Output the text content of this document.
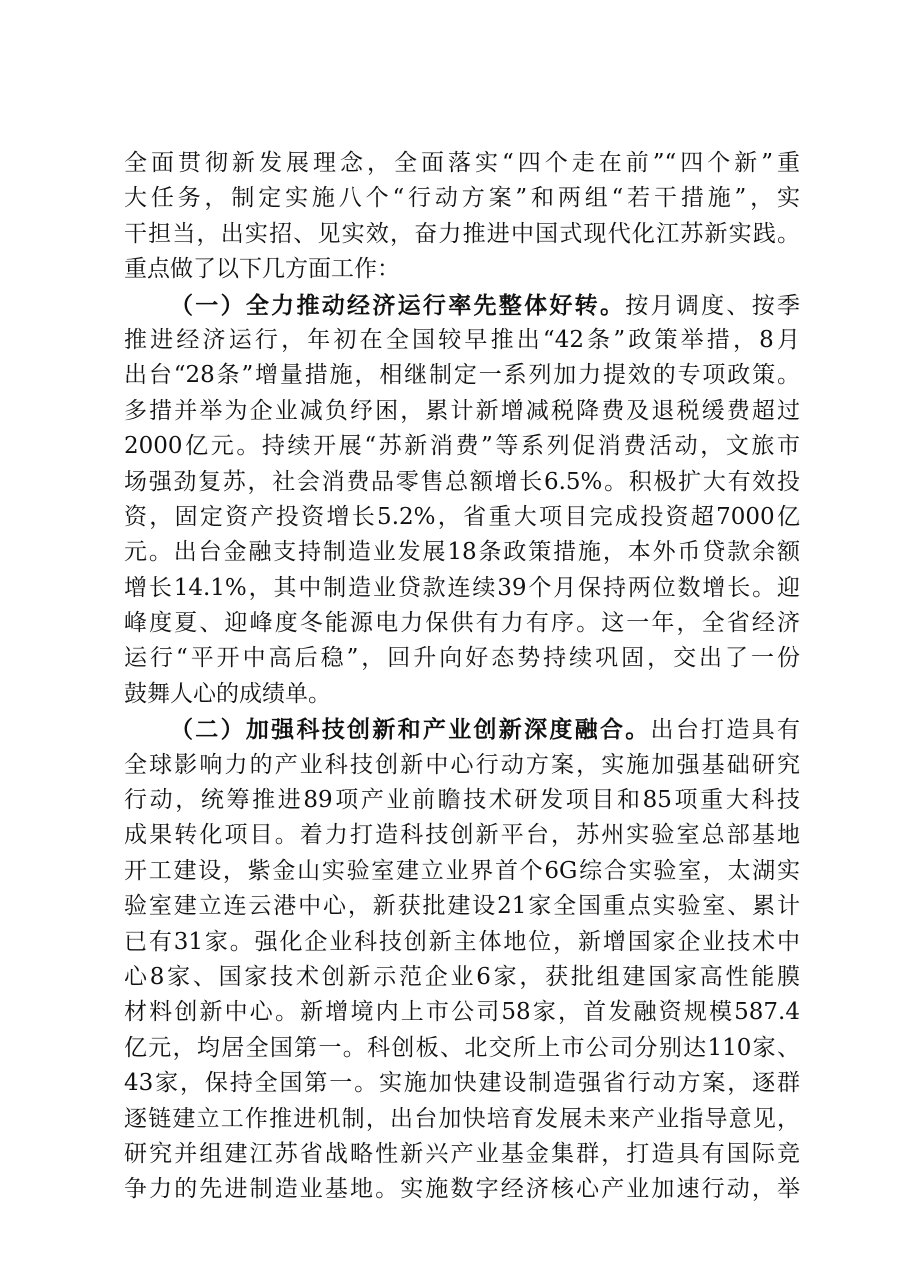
全面贯彻新发展理念，全面落实“四个走在前”“四个新”重
大任务，制定实施八个“行动方案”和两组“若干措施”，实
干担当，出实招、见实效，奋力推进中国式现代化江苏新实践。
重点做了以下几方面工作：
（一）全力推动经济运行率先整体好转。按月调度、按季
推进经济运行，年初在全国较早推出“42条”政策举措，8月
出台“28条”增量措施，相继制定一系列加力提效的专项政策。
多措并举为企业减负纾困，累计新增减税降费及退税缓费超过
2000亿元。持续开展“苏新消费”等系列促消费活动，文旅市
场强劲复苏，社会消费品零售总额增长6.5%。积极扩大有效投
资，固定资产投资增长5.2%，省重大项目完成投资超7000亿
元。出台金融支持制造业发展18条政策措施，本外币贷款余额
增长14.1%，其中制造业贷款连续39个月保持两位数增长。迎
峰度夏、迎峰度冬能源电力保供有力有序。这一年，全省经济
运行“平开中高后稳”，回升向好态势持续巩固，交出了一份
鼓舞人心的成绩单。
（二）加强科技创新和产业创新深度融合。出台打造具有
全球影响力的产业科技创新中心行动方案，实施加强基础研究
行动，统筹推进89项产业前瞻技术研发项目和85项重大科技
成果转化项目。着力打造科技创新平台，苏州实验室总部基地
开工建设，紫金山实验室建立业界首个6G综合实验室，太湖实
验室建立连云港中心，新获批建设21家全国重点实验室、累计
已有31家。强化企业科技创新主体地位，新增国家企业技术中
心8家、国家技术创新示范企业6家，获批组建国家高性能膜
材料创新中心。新增境内上市公司58家，首发融资规模587.4
亿元，均居全国第一。科创板、北交所上市公司分别达110家、
43家，保持全国第一。实施加快建设制造强省行动方案，逐群
逐链建立工作推进机制，出台加快培育发展未来产业指导意见，
研究并组建江苏省战略性新兴产业基金集群，打造具有国际竞
争力的先进制造业基地。实施数字经济核心产业加速行动，举
